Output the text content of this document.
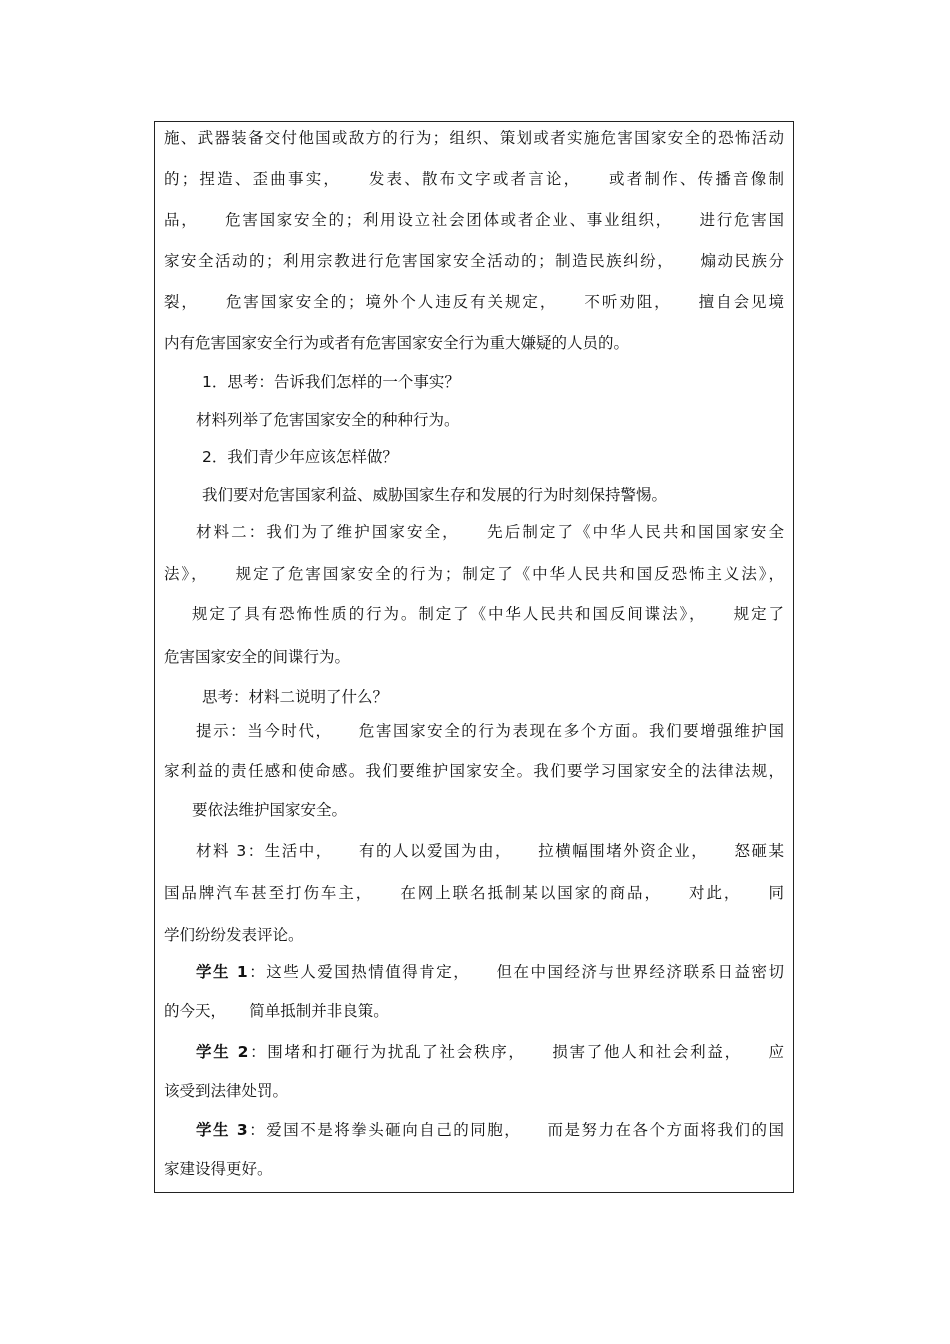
施、武器装备交付他国或敌方的行为；组织、策划或者实施危害国家安全的恐怖活动
的；捏造、歪曲事实，　　发表、散布文字或者言论，　　或者制作、传播音像制
品，　　危害国家安全的；利用设立社会团体或者企业、事业组织，　　进行危害国
家安全活动的；利用宗教进行危害国家安全活动的；制造民族纠纷，　　煽动民族分
裂，　　危害国家安全的；境外个人违反有关规定，　　不听劝阻，　　擅自会见境
内有危害国家安全行为或者有危害国家安全行为重大嫌疑的人员的。
1．思考：告诉我们怎样的一个事实？
材料列举了危害国家安全的种种行为。
2．我们青少年应该怎样做？
我们要对危害国家利益、威胁国家生存和发展的行为时刻保持警惕。
材料二：我们为了维护国家安全，　　先后制定了《中华人民共和国国家安全
法》，　　规定了危害国家安全的行为；制定了《中华人民共和国反恐怖主义法》，
规定了具有恐怖性质的行为。制定了《中华人民共和国反间谍法》，　　规定了
危害国家安全的间谍行为。
思考：材料二说明了什么？
提示：当今时代，　　危害国家安全的行为表现在多个方面。我们要增强维护国
家利益的责任感和使命感。我们要维护国家安全。我们要学习国家安全的法律法规，
要依法维护国家安全。
材料 3：生活中，　　有的人以爱国为由，　　拉横幅围堵外资企业，　　怒砸某
国品牌汽车甚至打伤车主，　　在网上联名抵制某以国家的商品，　　对此，　　同
学们纷纷发表评论。
学生 1：这些人爱国热情值得肯定，　　但在中国经济与世界经济联系日益密切
的今天，　　简单抵制并非良策。
学生 2：围堵和打砸行为扰乱了社会秩序，　　损害了他人和社会利益，　　应
该受到法律处罚。
学生 3：爱国不是将拳头砸向自己的同胞，　　而是努力在各个方面将我们的国
家建设得更好。
